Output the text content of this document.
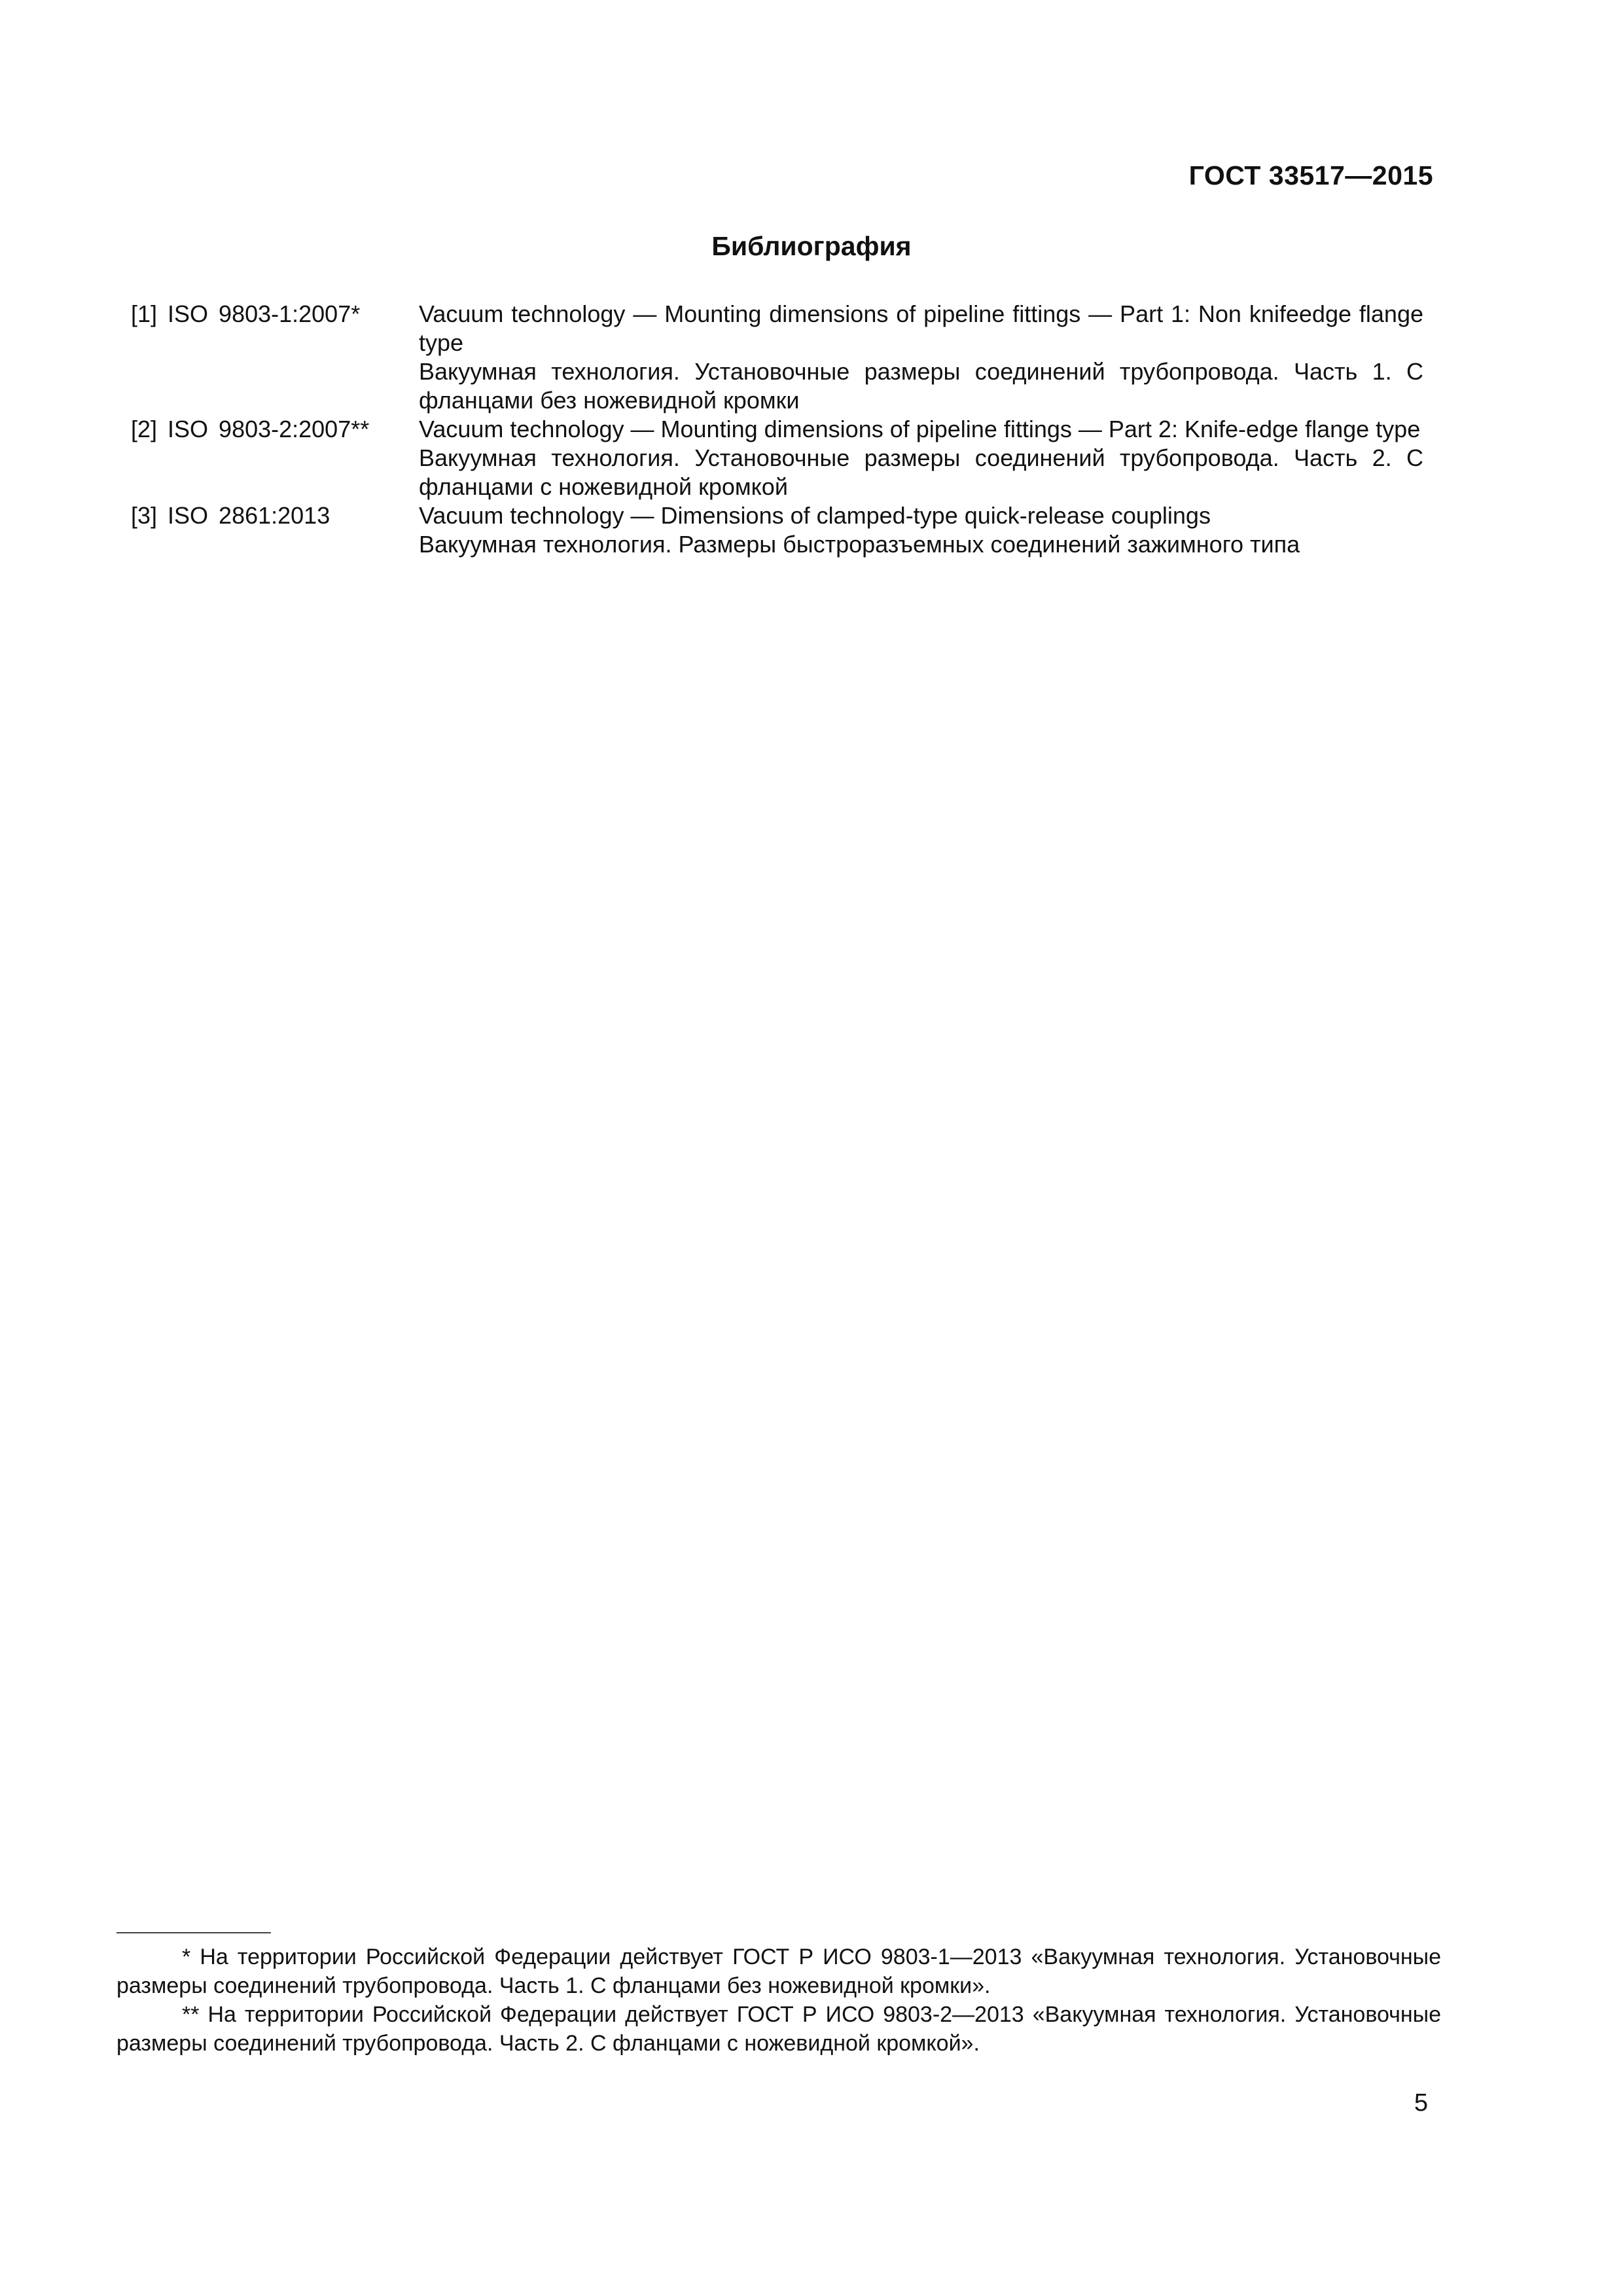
ГОСТ 33517—2015
Библиография
[1] ISO 9803-1:2007*	Vacuum technology — Mounting dimensions of pipeline fittings — Part 1: Non knifeedge flange type

Вакуумная технология. Установочные размеры соединений трубопровода. Часть 1. С фланцами без ножевидной кромки

[2] ISO 9803-2:2007**	Vacuum technology — Mounting dimensions of pipeline fittings — Part 2: Knife-edge flange type

Вакуумная технология. Установочные размеры соединений трубопровода. Часть 2. С фланцами с ножевидной кромкой

[3] ISO 2861:2013	Vacuum technology — Dimensions of clamped-type quick-release couplings

Вакуумная технология. Размеры быстроразъемных соединений зажимного типа

* На территории Российской Федерации действует ГОСТ Р ИСО 9803-1—2013 «Вакуумная технология. Установочные размеры соединений трубопровода. Часть 1. С фланцами без ножевидной кромки».

** На территории Российской Федерации действует ГОСТ Р ИСО 9803-2—2013 «Вакуумная технология. Установочные размеры соединений трубопровода. Часть 2. С фланцами с ножевидной кромкой».

5
